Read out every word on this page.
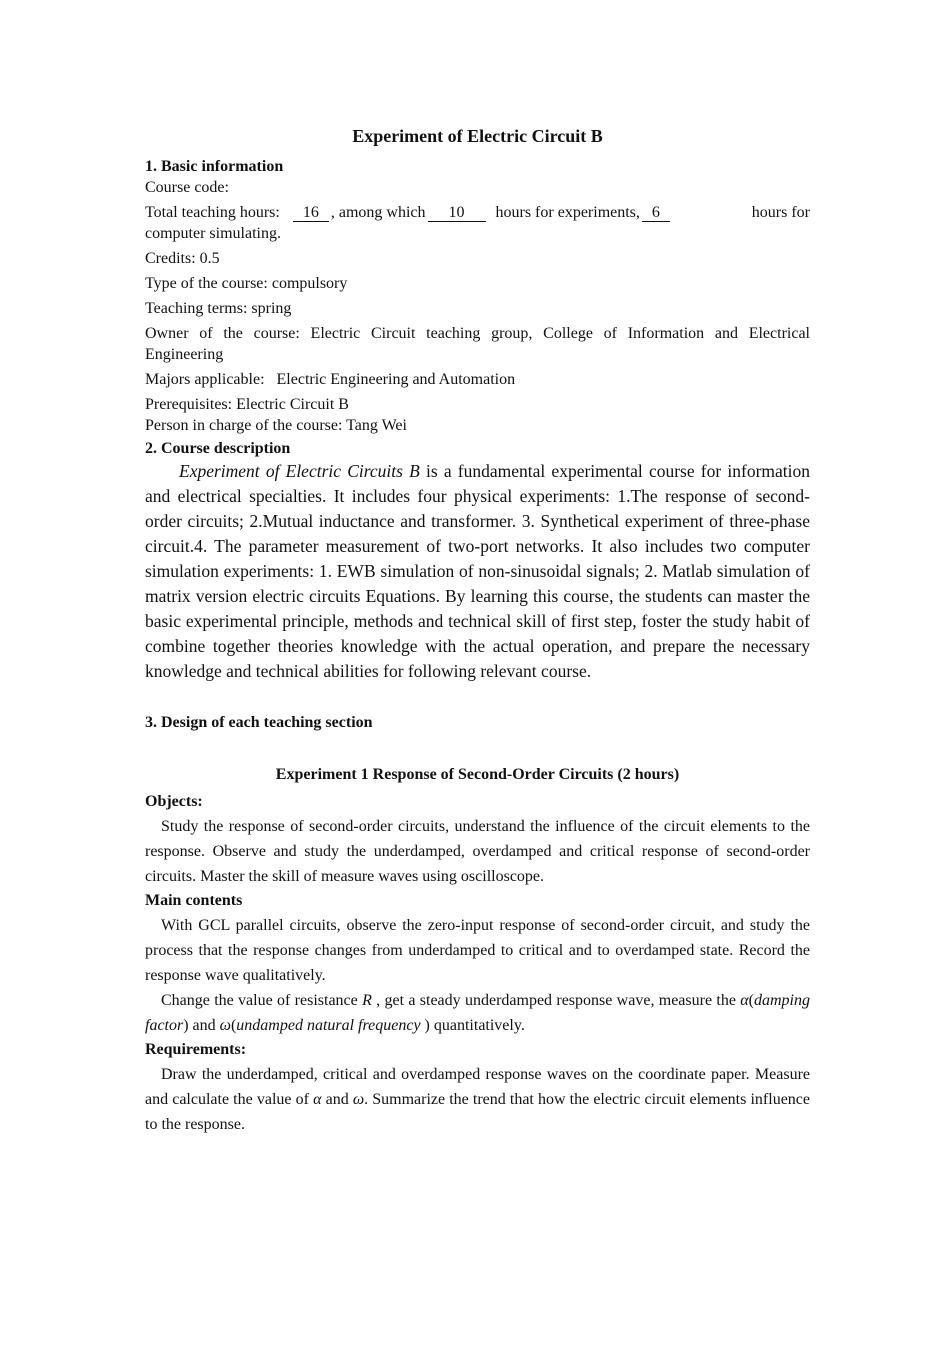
Experiment of Electric Circuit B
1. Basic information
Course code:
Total teaching hours:	16 , among which	10	hours for experiments, 6	hours for
computer simulating.
Credits: 0.5
Type of the course: compulsory
Teaching terms: spring
Owner of the course: Electric Circuit teaching group, College of Information and Electrical Engineering
Majors applicable:   Electric Engineering and Automation
Prerequisites: Electric Circuit B
Person in charge of the course: Tang Wei
2. Course description
Experiment of Electric Circuits B is a fundamental experimental course for information and electrical specialties. It includes four physical experiments: 1.The response of second-order circuits; 2.Mutual inductance and transformer. 3. Synthetical experiment of three-phase circuit.4. The parameter measurement of two-port networks. It also includes two computer simulation experiments: 1. EWB simulation of non-sinusoidal signals; 2. Matlab simulation of matrix version electric circuits Equations. By learning this course, the students can master the basic experimental principle, methods and technical skill of first step, foster the study habit of combine together theories knowledge with the actual operation, and prepare the necessary knowledge and technical abilities for following relevant course.
3. Design of each teaching section
Experiment 1 Response of Second-Order Circuits (2 hours)
Objects:
Study the response of second-order circuits, understand the influence of the circuit elements to the response. Observe and study the underdamped, overdamped and critical response of second-order circuits. Master the skill of measure waves using oscilloscope.
Main contents
With GCL parallel circuits, observe the zero-input response of second-order circuit, and study the process that the response changes from underdamped to critical and to overdamped state. Record the response wave qualitatively.
Change the value of resistance R , get a steady underdamped response wave, measure the α(damping factor) and ω(undamped natural frequency ) quantitatively.
Requirements:
Draw the underdamped, critical and overdamped response waves on the coordinate paper. Measure and calculate the value of α and ω. Summarize the trend that how the electric circuit elements influence to the response.
